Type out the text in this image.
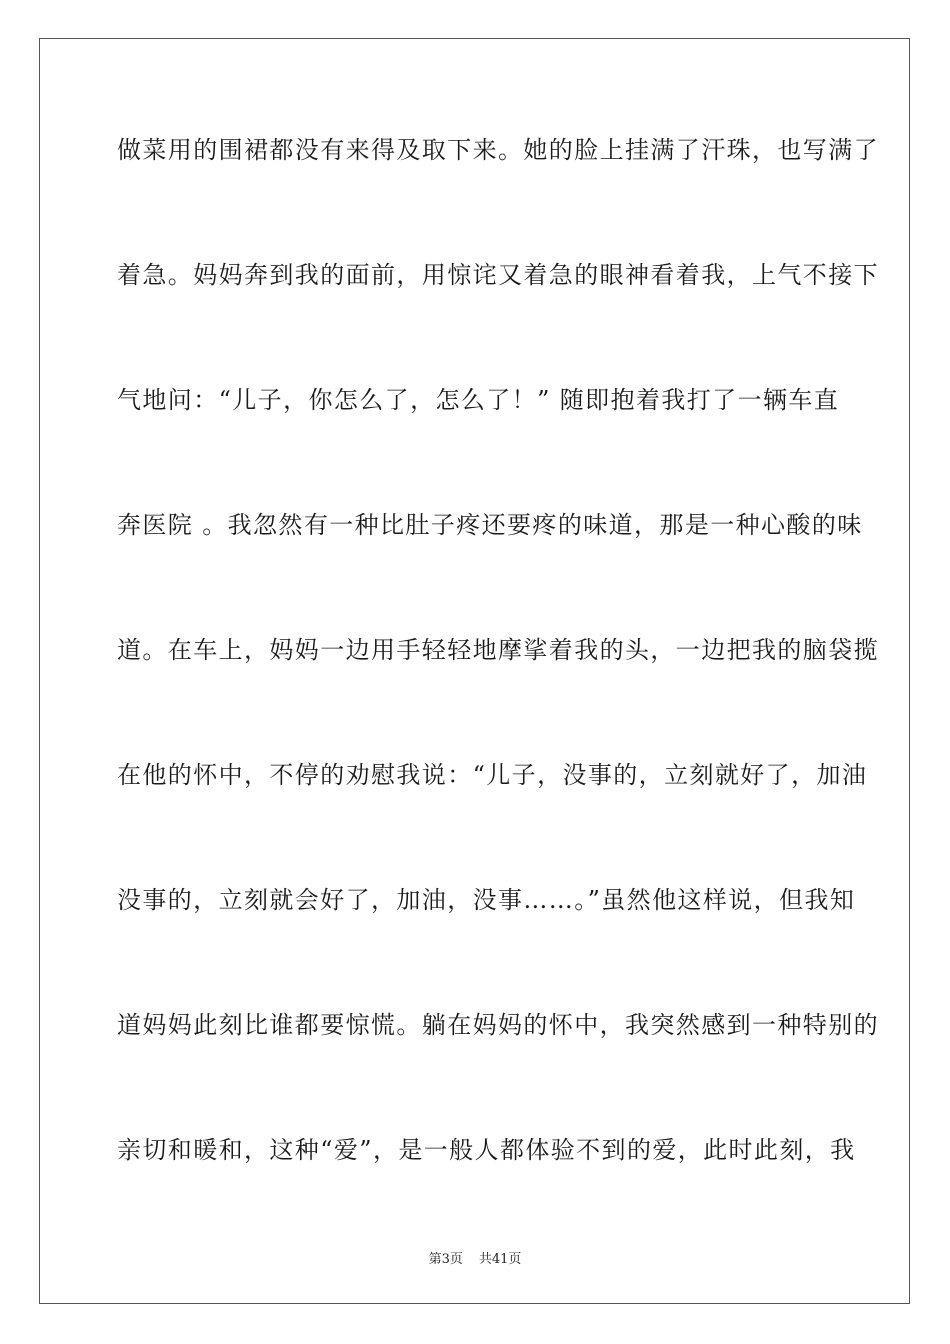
做菜用的围裙都没有来得及取下来。她的脸上挂满了汗珠，也写满了

着急。妈妈奔到我的面前，用惊诧又着急的眼神看着我，上气不接下

气地问：“儿子，你怎么了，怎么了！” 随即抱着我打了一辆车直

奔医院 。我忽然有一种比肚子疼还要疼的味道，那是一种心酸的味

道。在车上，妈妈一边用手轻轻地摩挲着我的头，一边把我的脑袋揽

在他的怀中，不停的劝慰我说：“儿子，没事的，立刻就好了，加油

没事的，立刻就会好了，加油，没事……。”虽然他这样说，但我知

道妈妈此刻比谁都要惊慌。躺在妈妈的怀中，我突然感到一种特别的

亲切和暖和，这种“爱”，是一般人都体验不到的爱，此时此刻，我

第3页 共41页
